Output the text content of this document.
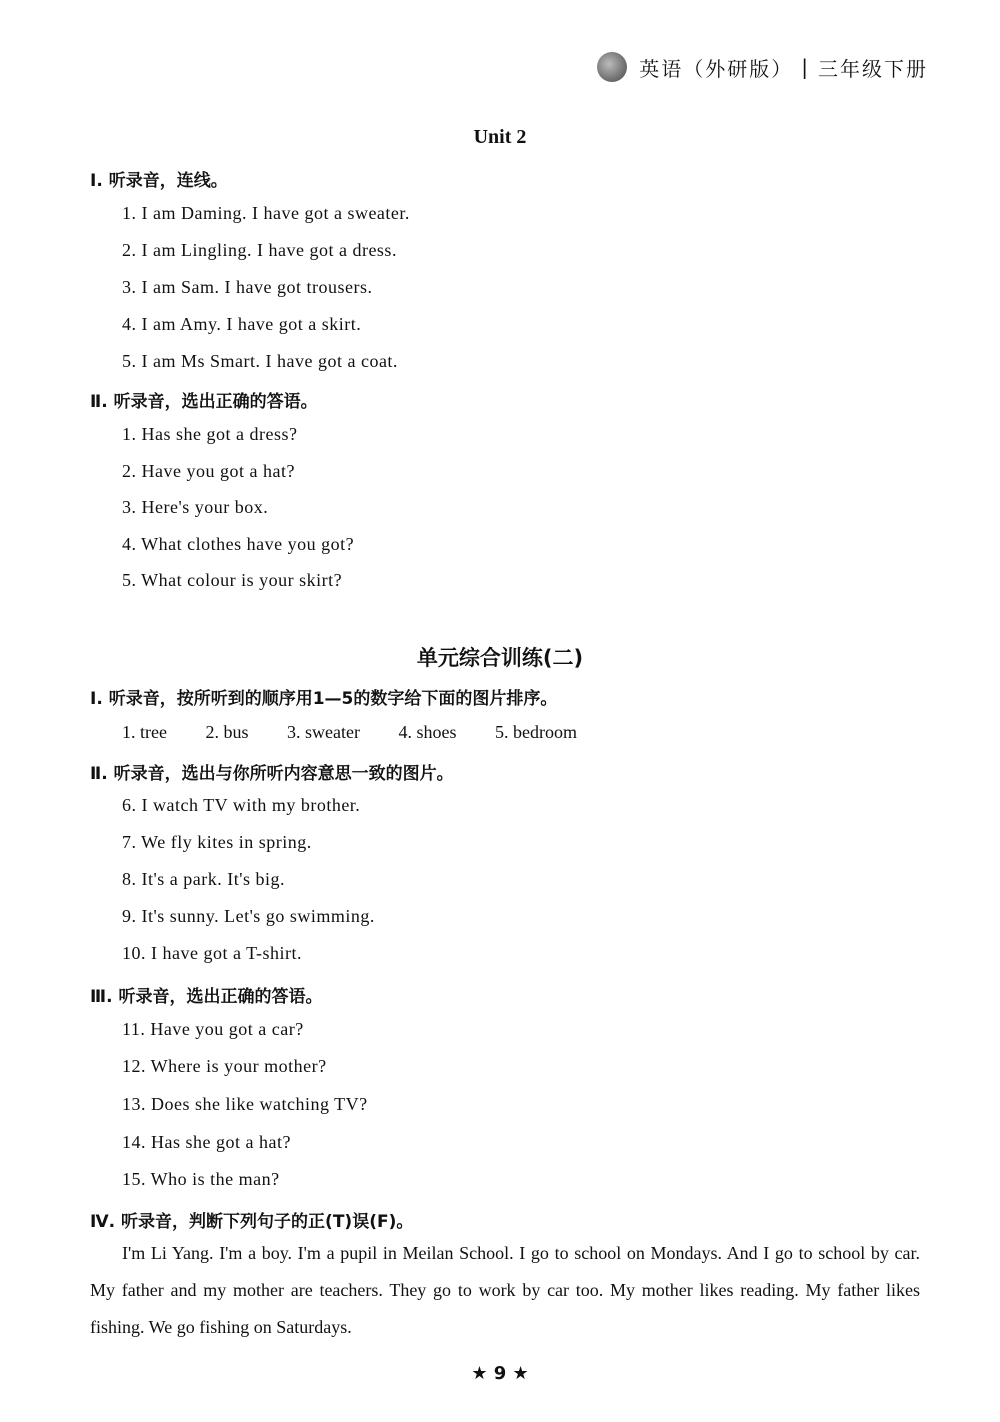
英语（外研版） | 三年级下册
Unit 2
Ⅰ. 听录音，连线。
1. I am Daming. I have got a sweater.
2. I am Lingling. I have got a dress.
3. I am Sam. I have got trousers.
4. I am Amy. I have got a skirt.
5. I am Ms Smart. I have got a coat.
Ⅱ. 听录音，选出正确的答语。
1. Has she got a dress?
2. Have you got a hat?
3. Here's your box.
4. What clothes have you got?
5. What colour is your skirt?
单元综合训练(二)
Ⅰ. 听录音，按所听到的顺序用1—5的数字给下面的图片排序。
1. tree 2. bus 3. sweater 4. shoes 5. bedroom
Ⅱ. 听录音，选出与你所听内容意思一致的图片。
6. I watch TV with my brother.
7. We fly kites in spring.
8. It's a park. It's big.
9. It's sunny. Let's go swimming.
10. I have got a T-shirt.
Ⅲ. 听录音，选出正确的答语。
11. Have you got a car?
12. Where is your mother?
13. Does she like watching TV?
14. Has she got a hat?
15. Who is the man?
Ⅳ. 听录音，判断下列句子的正(T)误(F)。
I'm Li Yang. I'm a boy. I'm a pupil in Meilan School. I go to school on Mondays. And I go to school by car. My father and my mother are teachers. They go to work by car too. My mother likes reading. My father likes fishing. We go fishing on Saturdays.
★ 9 ★
